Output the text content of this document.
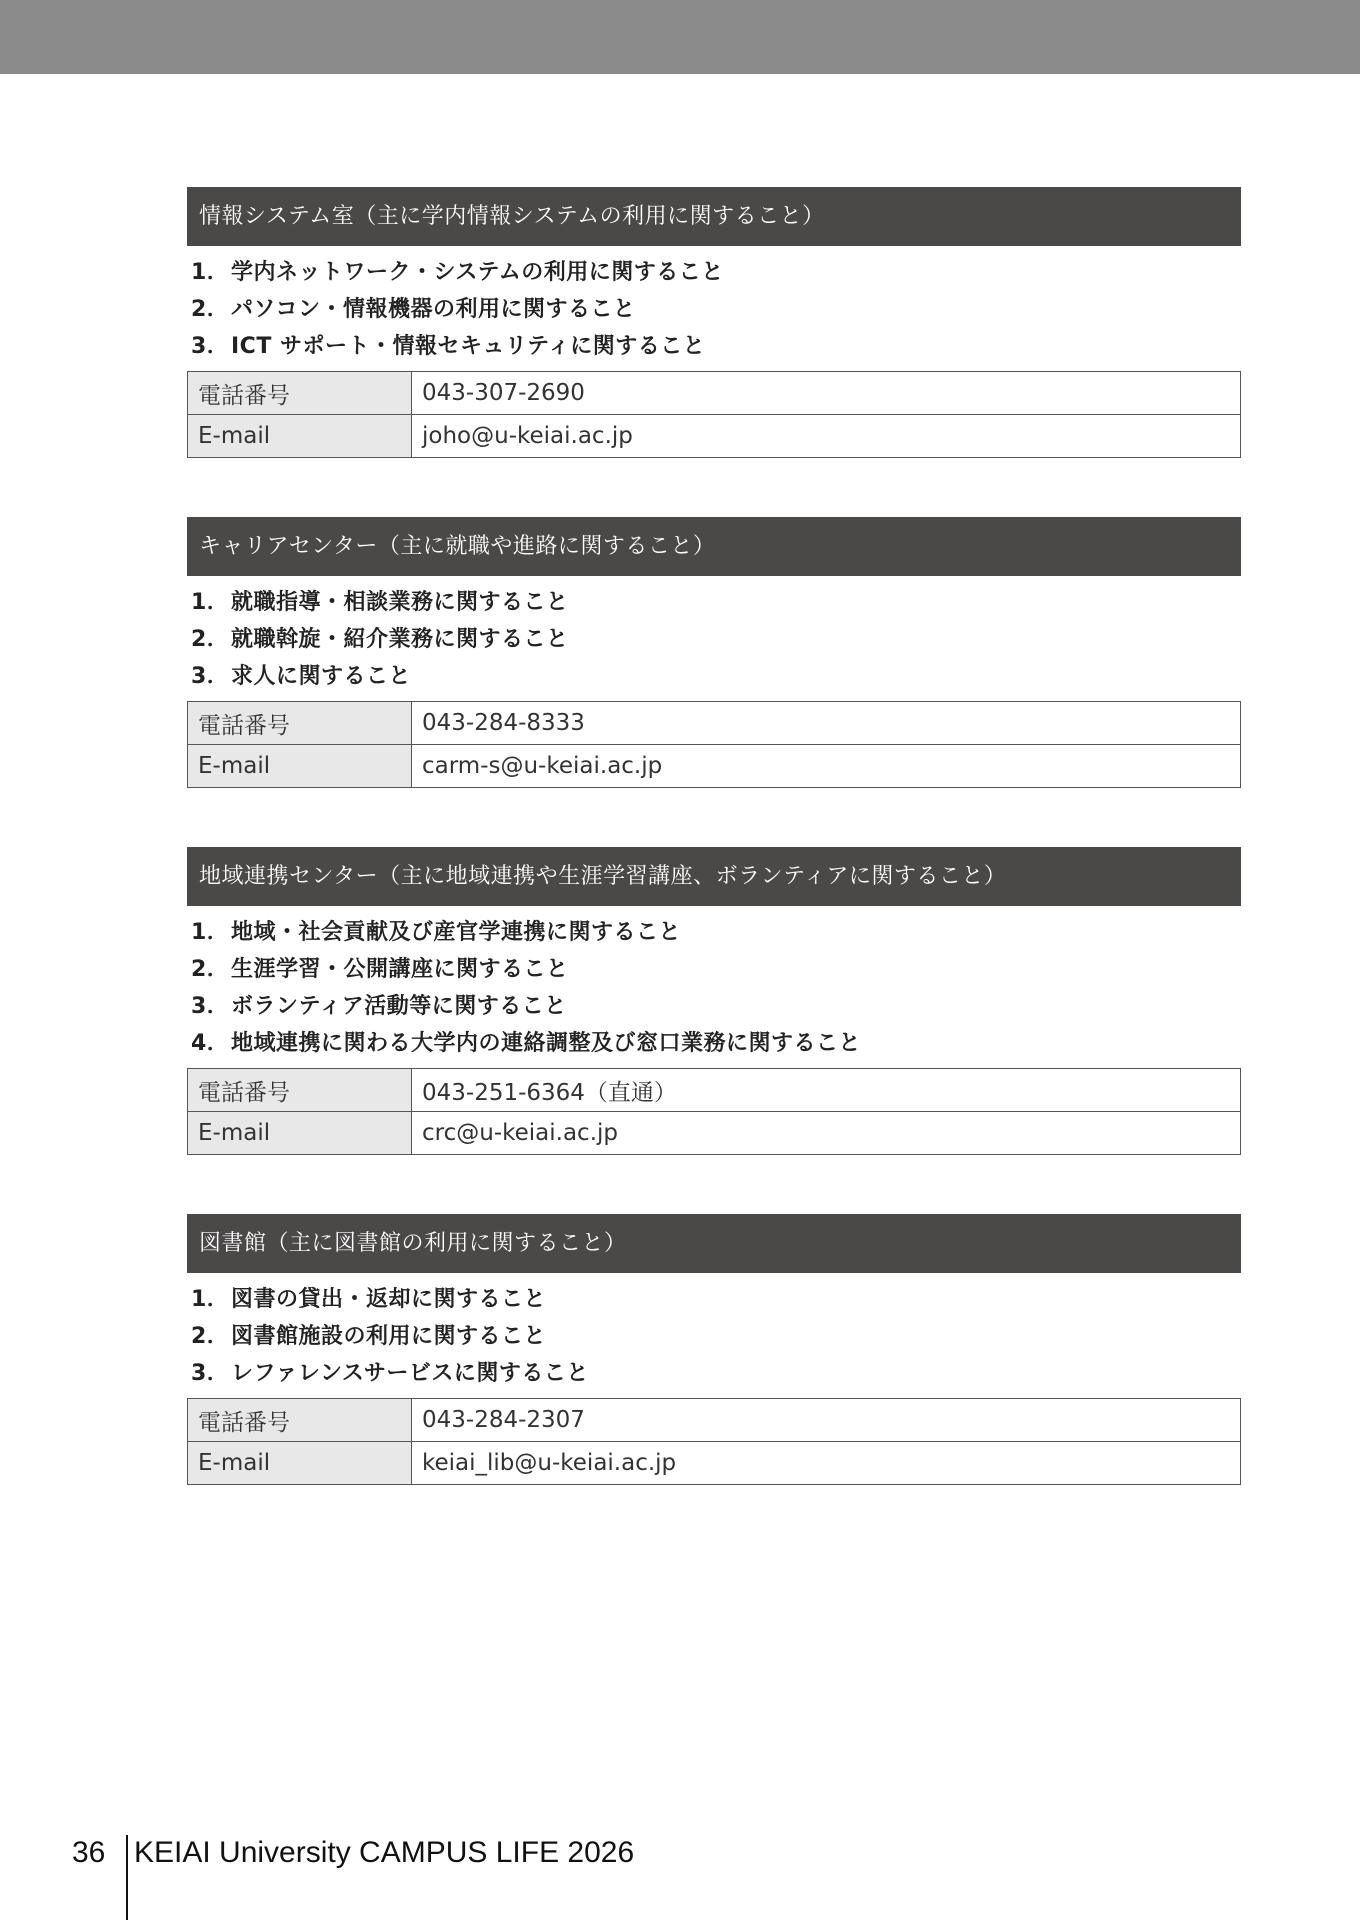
情報システム室（主に学内情報システムの利用に関すること）
1．学内ネットワーク・システムの利用に関すること
2．パソコン・情報機器の利用に関すること
3．ICT サポート・情報セキュリティに関すること
電話番号	043-307-2690
E-mail	joho@u-keiai.ac.jp
キャリアセンター（主に就職や進路に関すること）
1．就職指導・相談業務に関すること
2．就職斡旋・紹介業務に関すること
3．求人に関すること
電話番号	043-284-8333
E-mail	carm-s@u-keiai.ac.jp
地域連携センター（主に地域連携や生涯学習講座、ボランティアに関すること）
1．地域・社会貢献及び産官学連携に関すること
2．生涯学習・公開講座に関すること
3．ボランティア活動等に関すること
4．地域連携に関わる大学内の連絡調整及び窓口業務に関すること
電話番号	043-251-6364（直通）
E-mail	crc@u-keiai.ac.jp
図書館（主に図書館の利用に関すること）
1．図書の貸出・返却に関すること
2．図書館施設の利用に関すること
3．レファレンスサービスに関すること
電話番号	043-284-2307
E-mail	keiai_lib@u-keiai.ac.jp
36 KEIAI University CAMPUS LIFE 2026
